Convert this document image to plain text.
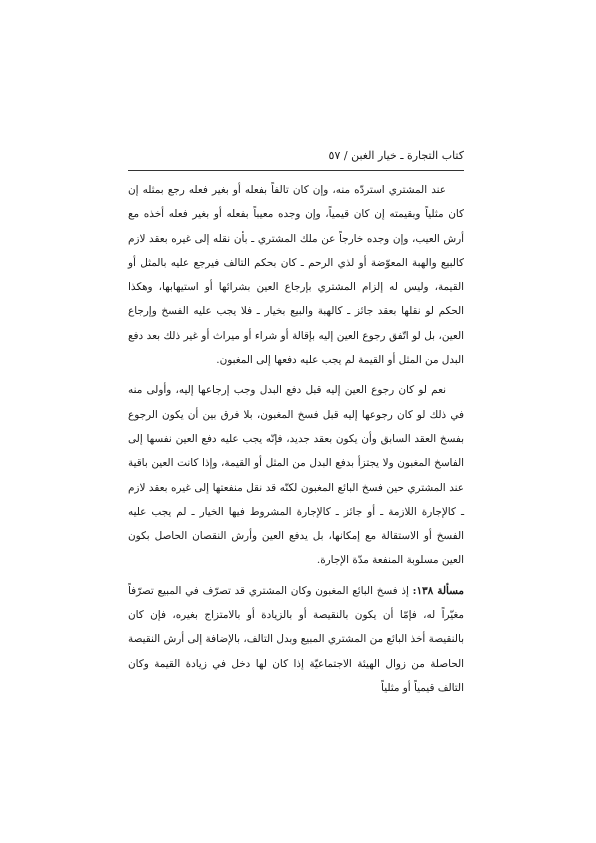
كتاب التجارة ـ خيار الغبن / ٥٧

عند المشتري استردّه منه، وإن كان تالفاً بفعله أو بغير فعله رجع بمثله إن كان مثلياً وبقيمته إن كان قيمياً، وإن وجده معيباً بفعله أو بغير فعله أخذه مع أرش العيب، وإن وجده خارجاً عن ملك المشتري ـ بأن نقله إلى غيره بعقد لازم كالبيع والهبة المعوّضة أو لذي الرحم ـ كان بحكم التالف فيرجع عليه بالمثل أو القيمة، وليس له إلزام المشتري بإرجاع العين بشرائها أو استيهابها، وهكذا الحكم لو نقلها بعقد جائز ـ كالهبة والبيع بخيار ـ فلا يجب عليه الفسخ وإرجاع العين، بل لو اتّفق رجوع العين إليه بإقالة أو شراء أو ميراث أو غير ذلك بعد دفع البدل من المثل أو القيمة لم يجب عليه دفعها إلى المغبون.

نعم لو كان رجوع العين إليه قبل دفع البدل وجب إرجاعها إليه، وأولى منه في ذلك لو كان رجوعها إليه قبل فسخ المغبون، بلا فرق بين أن يكون الرجوع بفسخ العقد السابق وأن يكون بعقد جديد، فإنّه يجب عليه دفع العين نفسها إلى الفاسخ المغبون ولا يجتزأ بدفع البدل من المثل أو القيمة، وإذا كانت العين باقية عند المشتري حين فسخ البائع المغبون لكنّه قد نقل منفعتها إلى غيره بعقد لازم ـ كالإجارة اللازمة ـ أو جائز ـ كالإجارة المشروط فيها الخيار ـ لم يجب عليه الفسخ أو الاستقالة مع إمكانها، بل يدفع العين وأرش النقصان الحاصل بكون العين مسلوبة المنفعة مدّة الإجارة.

مسألة ١٣٨: إذ فسخ البائع المغبون وكان المشتري قد تصرّف في المبيع تصرّفاً مغيّراً له، فإمّا أن يكون بالنقيصة أو بالزيادة أو بالامتزاج بغيره، فإن كان بالنقيصة أخذ البائع من المشتري المبيع وبدل التالف، بالإضافة إلى أرش النقيصة الحاصلة من زوال الهيئة الاجتماعيّة إذا كان لها دخل في زيادة القيمة وكان التالف قيمياً أو مثلياً
